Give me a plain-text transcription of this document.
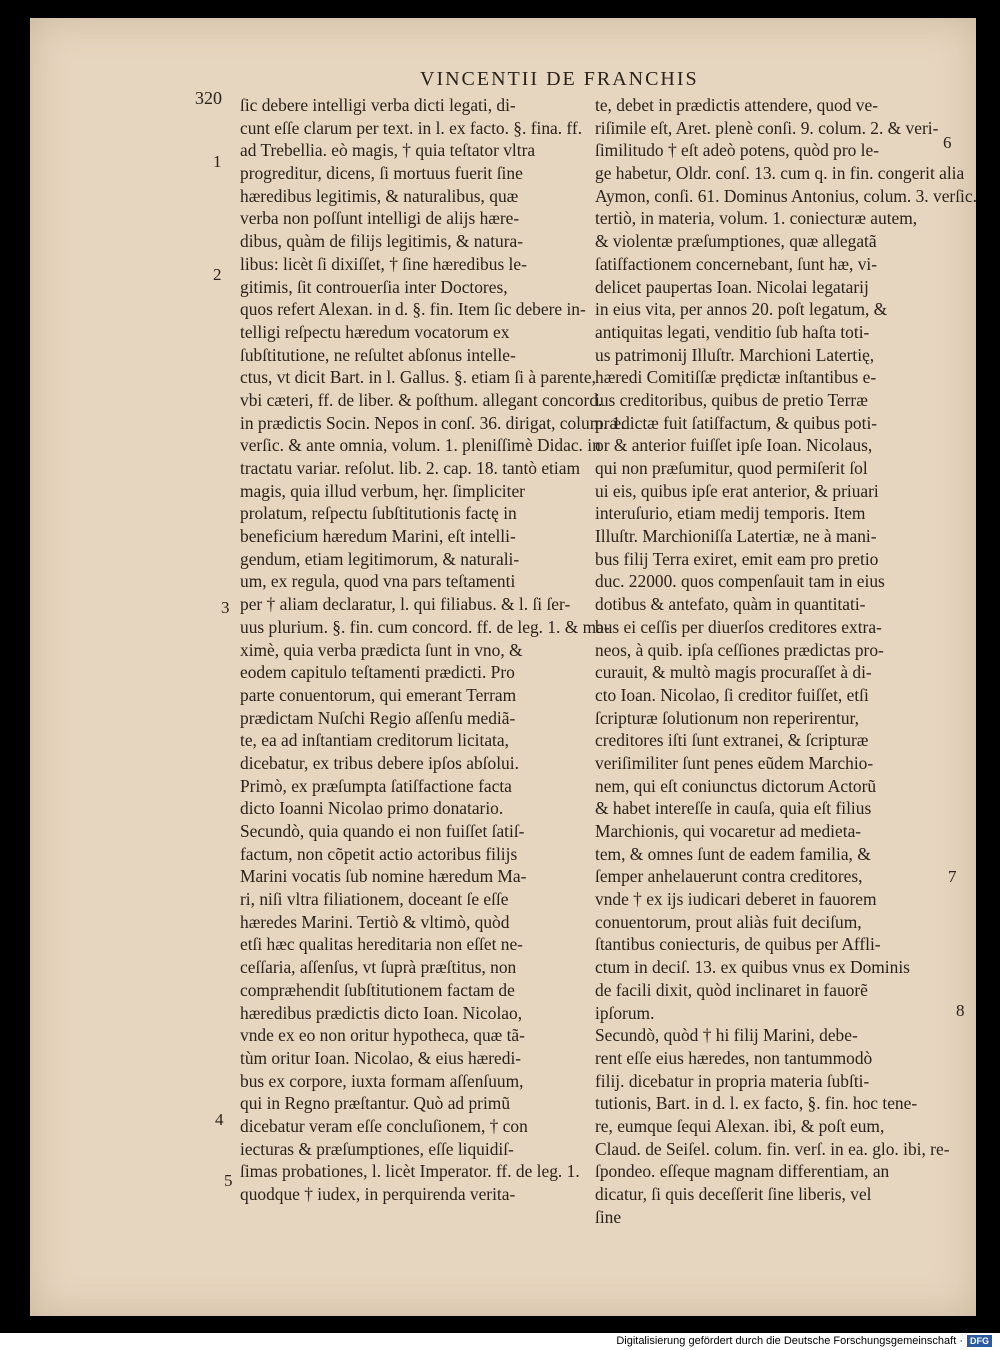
320
VINCENTII DE FRANCHIS
ſic debere intelligi verba dicti legati, di-
cunt eſſe clarum per text. in l. ex facto. §. fina. ff.
ad Trebellia. eò magis, † quia teſtator vltra
progreditur, dicens, ſi mortuus fuerit ſine
hæredibus legitimis, & naturalibus, quæ
verba non poſſunt intelligi de alijs hære-
dibus, quàm de filijs legitimis, & natura-
libus: licèt ſi dixiſſet, † ſine hæredibus le-
gitimis, ſit controuerſia inter Doctores,
quos refert Alexan. in d. §. fin. Item ſic debere in-
telligi reſpectu hæredum vocatorum ex
ſubſtitutione, ne reſultet abſonus intelle-
ctus, vt dicit Bart. in l. Gallus. §. etiam ſi à parente,
vbi cæteri, ff. de liber. & poſthum. allegant concord.
in prædictis Socin. Nepos in conſ. 36. dirigat, colum. 1.
verſic. & ante omnia, volum. 1. pleniſſimè Didac. in
tractatu variar. reſolut. lib. 2. cap. 18. tantò etiam
magis, quia illud verbum, hęr. ſimpliciter
prolatum, reſpectu ſubſtitutionis factę in
beneficium hæredum Marini, eſt intelli-
gendum, etiam legitimorum, & naturali-
um, ex regula, quod vna pars teſtamenti
per † aliam declaratur, l. qui filiabus. & l. ſi ſer-
uus plurium. §. fin. cum concord. ff. de leg. 1. & ma-
ximè, quia verba prædicta ſunt in vno, &
eodem capitulo teſtamenti prædicti. Pro
parte conuentorum, qui emerant Terram
prædictam Nuſchi Regio aſſenſu mediã-
te, ea ad inſtantiam creditorum licitata,
dicebatur, ex tribus debere ipſos abſolui.
Primò, ex præſumpta ſatiſfactione facta
dicto Ioanni Nicolao primo donatario.
Secundò, quia quando ei non fuiſſet ſatiſ-
factum, non cõpetit actio actoribus filijs
Marini vocatis ſub nomine hæredum Ma-
ri, niſi vltra filiationem, doceant ſe eſſe
hæredes Marini. Tertiò & vltimò, quòd
etſi hæc qualitas hereditaria non eſſet ne-
ceſſaria, aſſenſus, vt ſuprà præſtitus, non
comprӕhendit ſubſtitutionem factam de
hæredibus prædictis dicto Ioan. Nicolao,
vnde ex eo non oritur hypotheca, quæ tã-
tùm oritur Ioan. Nicolao, & eius hæredi-
bus ex corpore, iuxta formam aſſenſuum,
qui in Regno præſtantur. Quò ad primũ
dicebatur veram eſſe concluſionem, † con
iecturas & præſumptiones, eſſe liquidiſ-
ſimas probationes, l. licèt Imperator. ff. de leg. 1.
quodque † iudex, in perquirenda verita-
te, debet in prædictis attendere, quod ve-
riſimile eſt, Aret. plenè conſi. 9. colum. 2. & veri-
ſimilitudo † eſt adeò potens, quòd pro le-
ge habetur, Oldr. conſ. 13. cum q. in fin. congerit alia
Aymon, conſi. 61. Dominus Antonius, colum. 3. verſic.
tertiò, in materia, volum. 1. coniecturæ autem,
& violentæ præſumptiones, quæ allegatã
ſatiſfactionem concernebant, ſunt hæ, vi-
delicet paupertas Ioan. Nicolai legatarij
in eius vita, per annos 20. poſt legatum, &
antiquitas legati, venditio ſub haſta toti-
us patrimonij Illuſtr. Marchioni Latertię,
hæredi Comitiſſæ prędictæ inſtantibus e-
ius creditoribus, quibus de pretio Terræ
prædictæ fuit ſatiſfactum, & quibus poti-
or & anterior fuiſſet ipſe Ioan. Nicolaus,
qui non præſumitur, quod permiſerit ſol
ui eis, quibus ipſe erat anterior, & priuari
interuſurio, etiam medij temporis. Item
Illuſtr. Marchioniſſa Latertiæ, ne à mani-
bus filij Terra exiret, emit eam pro pretio
duc. 22000. quos compenſauit tam in eius
dotibus & antefato, quàm in quantitati-
bus ei ceſſis per diuerſos creditores extra-
neos, à quib. ipſa ceſſiones prædictas pro-
curauit, & multò magis procuraſſet à di-
cto Ioan. Nicolao, ſi creditor fuiſſet, etſi
ſcripturæ ſolutionum non reperirentur,
creditores iſti ſunt extranei, & ſcripturæ
veriſimiliter ſunt penes eũdem Marchio-
nem, qui eſt coniunctus dictorum Actorũ
& habet intereſſe in cauſa, quia eſt filius
Marchionis, qui vocaretur ad medieta-
tem, & omnes ſunt de eadem familia, &
ſemper anhelauerunt contra creditores,
vnde † ex ijs iudicari deberet in fauorem
conuentorum, prout aliàs fuit deciſum,
ſtantibus coniecturis, de quibus per Affli-
ctum in deciſ. 13. ex quibus vnus ex Dominis
de facili dixit, quòd inclinaret in fauorẽ
ipſorum.
Secundò, quòd † hi filij Marini, debe-
rent eſſe eius hæredes, non tantummodò
filij. dicebatur in propria materia ſubſti-
tutionis, Bart. in d. l. ex facto, §. fin. hoc tene-
re, eumque ſequi Alexan. ibi, & poſt eum,
Claud. de Seiſel. colum. fin. verſ. in ea. glo. ibi, re-
ſpondeo. eſſeque magnam differentiam, an
dicatur, ſi quis deceſſerit ſine liberis, vel
ſine
1
2
3
4
5
6
7
8
Digitalisierung gefördert durch die Deutsche Forschungsgemeinschaft · DFG
